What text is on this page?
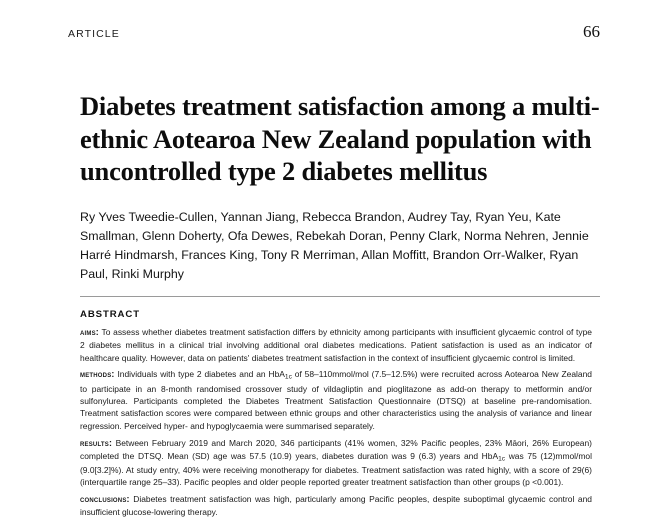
ARTICLE	66
Diabetes treatment satisfaction among a multi-ethnic Aotearoa New Zealand population with uncontrolled type 2 diabetes mellitus
Ry Yves Tweedie-Cullen, Yannan Jiang, Rebecca Brandon, Audrey Tay, Ryan Yeu, Kate Smallman, Glenn Doherty, Ofa Dewes, Rebekah Doran, Penny Clark, Norma Nehren, Jennie Harré Hindmarsh, Frances King, Tony R Merriman, Allan Moffitt, Brandon Orr-Walker, Ryan Paul, Rinki Murphy
ABSTRACT

aims: To assess whether diabetes treatment satisfaction differs by ethnicity among participants with insufficient glycaemic control of type 2 diabetes mellitus in a clinical trial involving additional oral diabetes medications. Patient satisfaction is used as an indicator of healthcare quality. However, data on patients' diabetes treatment satisfaction in the context of insufficient glycaemic control is limited.

methods: Individuals with type 2 diabetes and an HbA$_{1c}$ of 58–110mmol/mol (7.5–12.5%) were recruited across Aotearoa New Zealand to participate in an 8-month randomised crossover study of vildagliptin and pioglitazone as add-on therapy to metformin and/or sulfonylurea. Participants completed the Diabetes Treatment Satisfaction Questionnaire (DTSQ) at baseline pre-randomisation. Treatment satisfaction scores were compared between ethnic groups and other characteristics using the analysis of variance and linear regression. Perceived hyper- and hypoglycaemia were summarised separately.

results: Between February 2019 and March 2020, 346 participants (41% women, 32% Pacific peoples, 23% Māori, 26% European) completed the DTSQ. Mean (SD) age was 57.5 (10.9) years, diabetes duration was 9 (6.3) years and HbA$_{1c}$ was 75 (12)mmol/mol (9.0[3.2]%). At study entry, 40% were receiving monotherapy for diabetes. Treatment satisfaction was rated highly, with a score of 29(6) (interquartile range 25–33). Pacific peoples and older people reported greater treatment satisfaction than other groups (p <0.001).

conclusions: Diabetes treatment satisfaction was high, particularly among Pacific peoples, despite suboptimal glycaemic control and insufficient glucose-lowering therapy.
